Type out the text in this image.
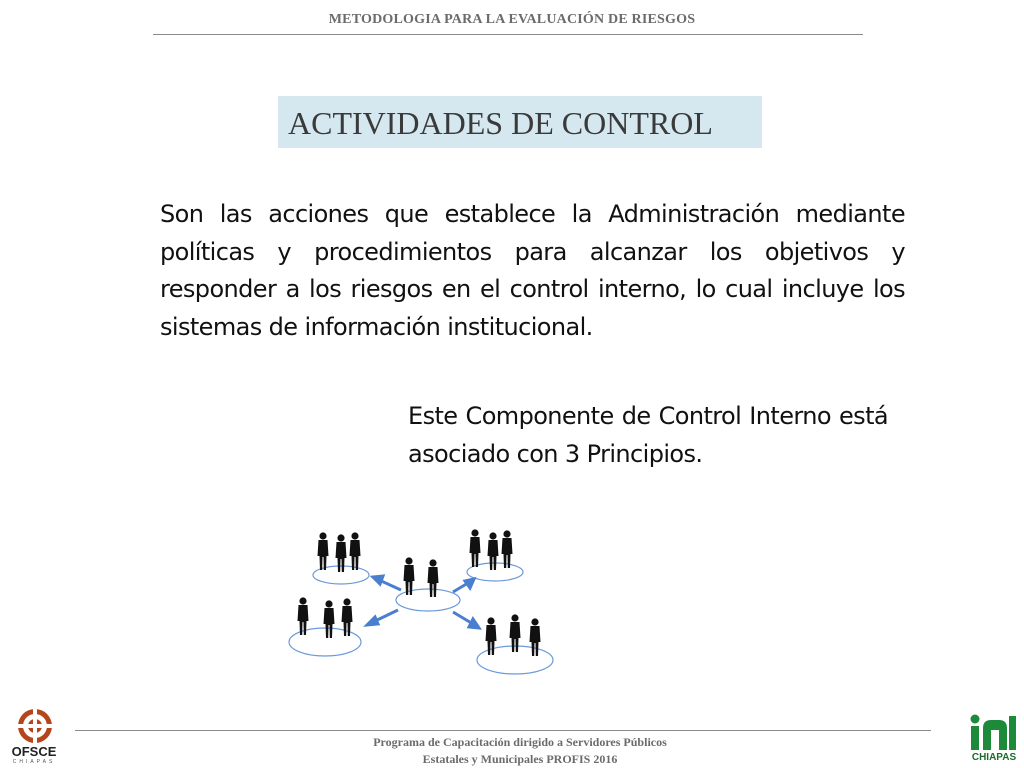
METODOLOGIA PARA LA EVALUACIÓN DE RIESGOS
ACTIVIDADES DE CONTROL
Son las acciones que establece la Administración mediante políticas y procedimientos para alcanzar los objetivos y responder a los riesgos en el control interno, lo cual incluye los sistemas de información institucional.
Este Componente de Control Interno está asociado con 3 Principios.
Programa de Capacitación dirigido a Servidores Públicos
Estatales y Municipales PROFIS 2016
OFSCE
CHIAPAS	CHIAPAS
